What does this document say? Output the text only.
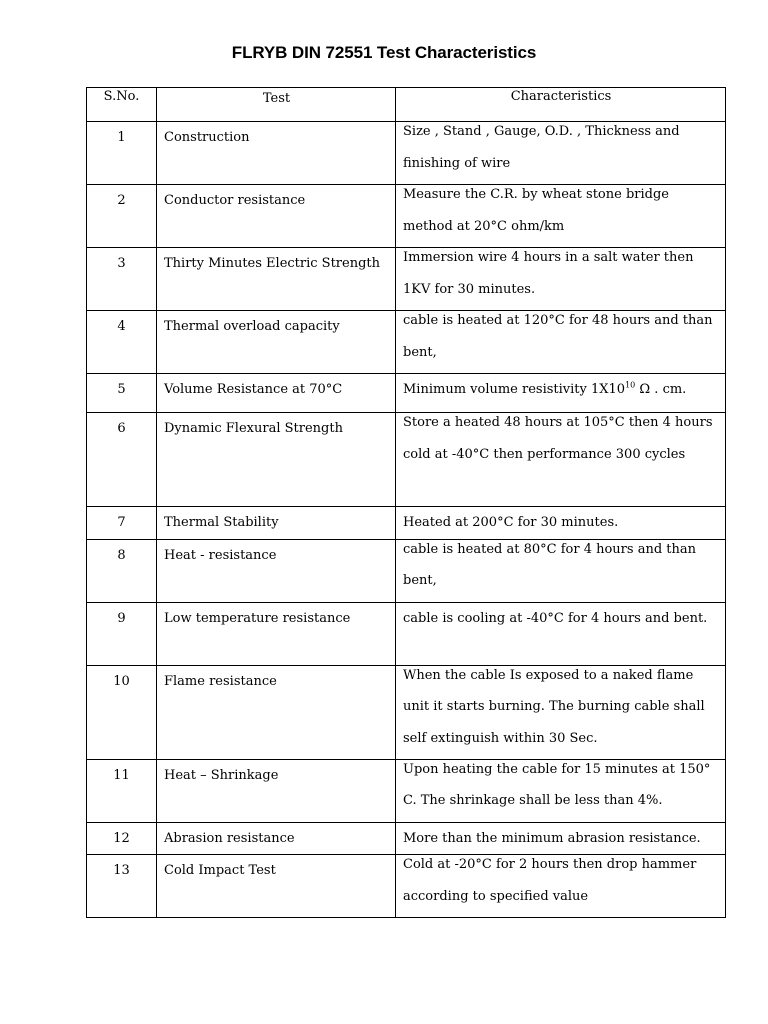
FLRYB DIN 72551 Test Characteristics
S.No.	Test	Characteristics
1	Construction	Size , Stand , Gauge, O.D. , Thickness and finishing of wire
2	Conductor resistance	Measure the C.R. by wheat stone bridge method at 20°C ohm/km
3	Thirty Minutes Electric Strength	Immersion wire 4 hours in a salt water then 1KV for 30 minutes.
4	Thermal overload capacity	cable is heated at 120°C for 48 hours and than bent,
5	Volume Resistance at 70°C	Minimum volume resistivity $1X10^{10}$ Ω . cm.
6	Dynamic Flexural Strength	Store a heated 48 hours at 105°C then 4 hours cold at -40°C then performance 300 cycles
7	Thermal Stability	Heated at 200°C for 30 minutes.
8	Heat - resistance	cable is heated at 80°C for 4 hours and than bent,
9	Low temperature resistance	cable is cooling at -40°C for 4 hours and bent.
10	Flame resistance	When the cable Is exposed to a naked flame unit it starts burning. The burning cable shall self extinguish within 30 Sec.
11	Heat – Shrinkage	Upon heating the cable for 15 minutes at 150° C. The shrinkage shall be less than 4%.
12	Abrasion resistance	More than the minimum abrasion resistance.
13	Cold Impact Test	Cold at -20°C for 2 hours then drop hammer according to specified value
